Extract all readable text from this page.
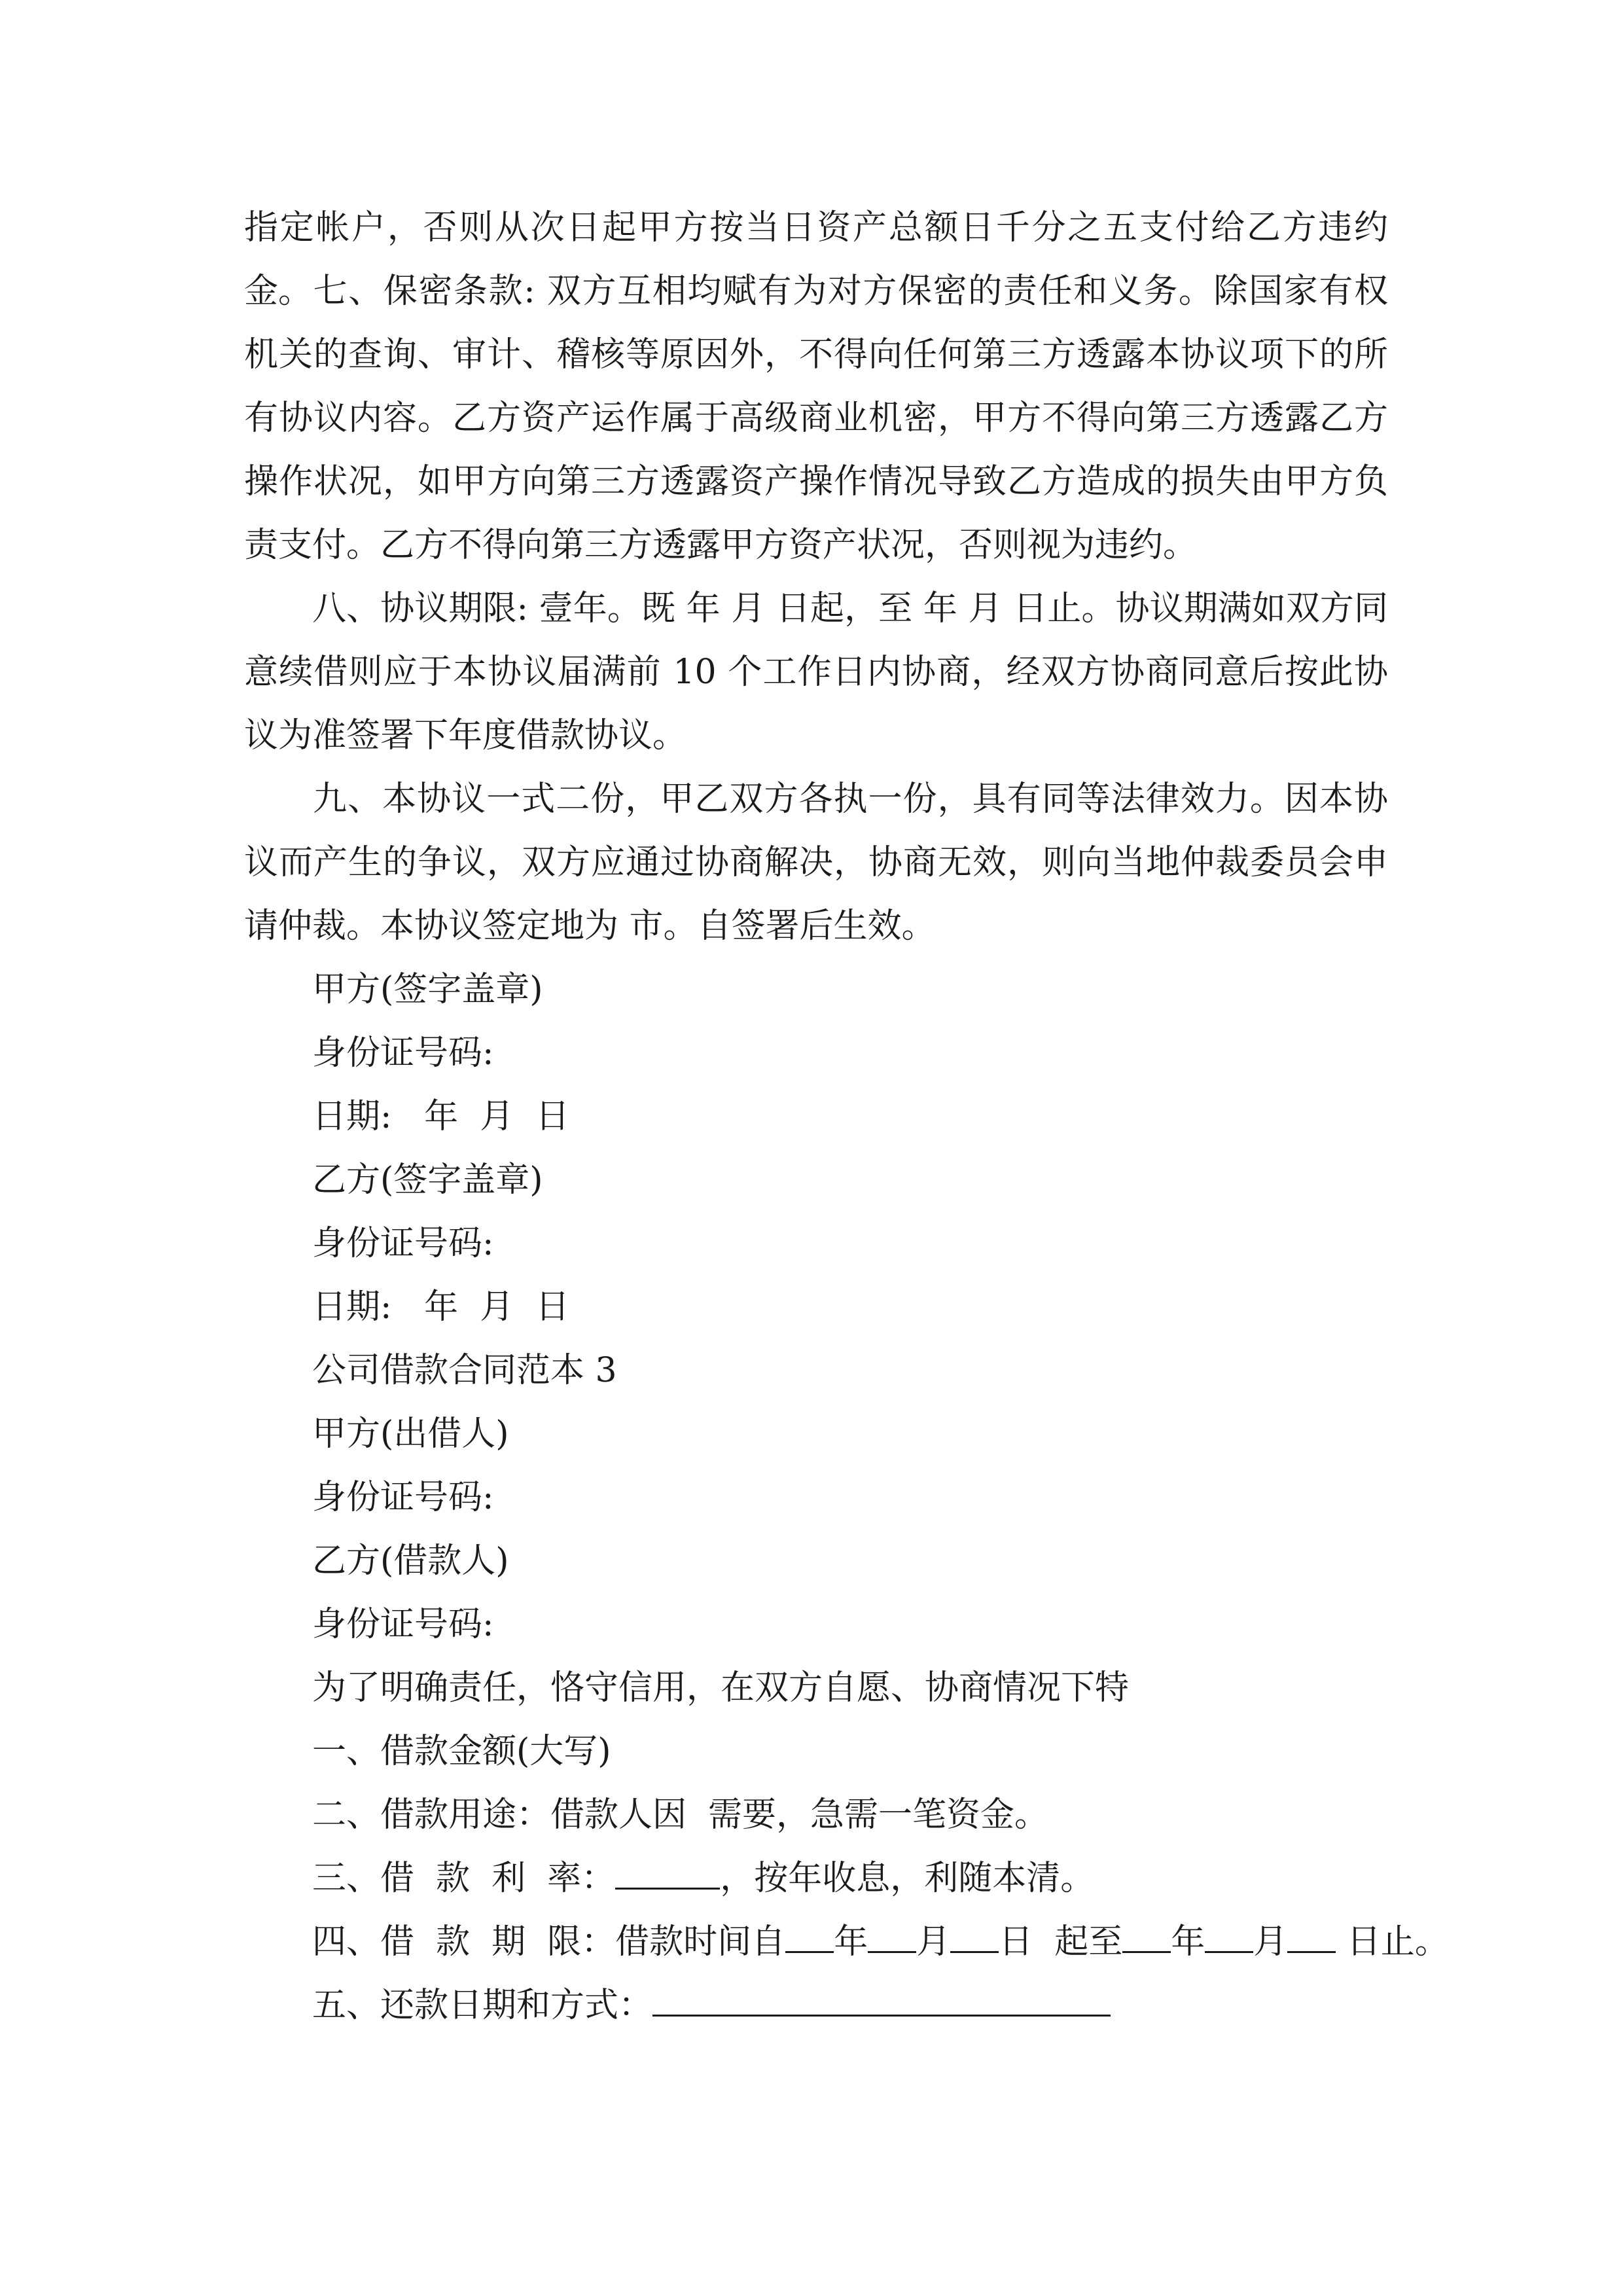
指定帐户，否则从次日起甲方按当日资产总额日千分之五支付给乙方违约金。 七、保密条款: 双方互相均赋有为对方保密的责任和义务。除国家有权机关的查询、审计、稽核等原因外，不得向任何第三方透露本协议项下的所有协议内容。乙方资产运作属于高级商业机密，甲方不得向第三方透露乙方操作状况，如甲方向第三方透露资产操作情况导致乙方造成的损失由甲方负责支付。乙方不得向第三方透露甲方资产状况，否则视为违约。

八、协议期限: 壹年。既 年 月 日起，至 年 月 日止。协议期满如双方同意续借则应于本协议届满前 10 个工作日内协商，经双方协商同意后按此协议为准签署下年度借款协议。

九、本协议一式二份，甲乙双方各执一份，具有同等法律效力。因本协议而产生的争议，双方应通过协商解决，协商无效，则向当地仲裁委员会申请仲裁。本协议签定地为 市。自签署后生效。

甲方(签字盖章)

身份证号码:

日期:   年  月  日

乙方(签字盖章)

身份证号码:

日期:   年  月  日

公司借款合同范本 3

甲方(出借人)

身份证号码:

乙方(借款人)

身份证号码:

为了明确责任，恪守信用，在双方自愿、协商情况下特

一、借款金额(大写)

二、借款用途：借款人因  需要，急需一笔资金。

三、借  款  利  率：	，按年收息，利随本清。

四、借  款  期  限：借款时间自 年 月 日  起至 年 月 日止。

五、还款日期和方式：
